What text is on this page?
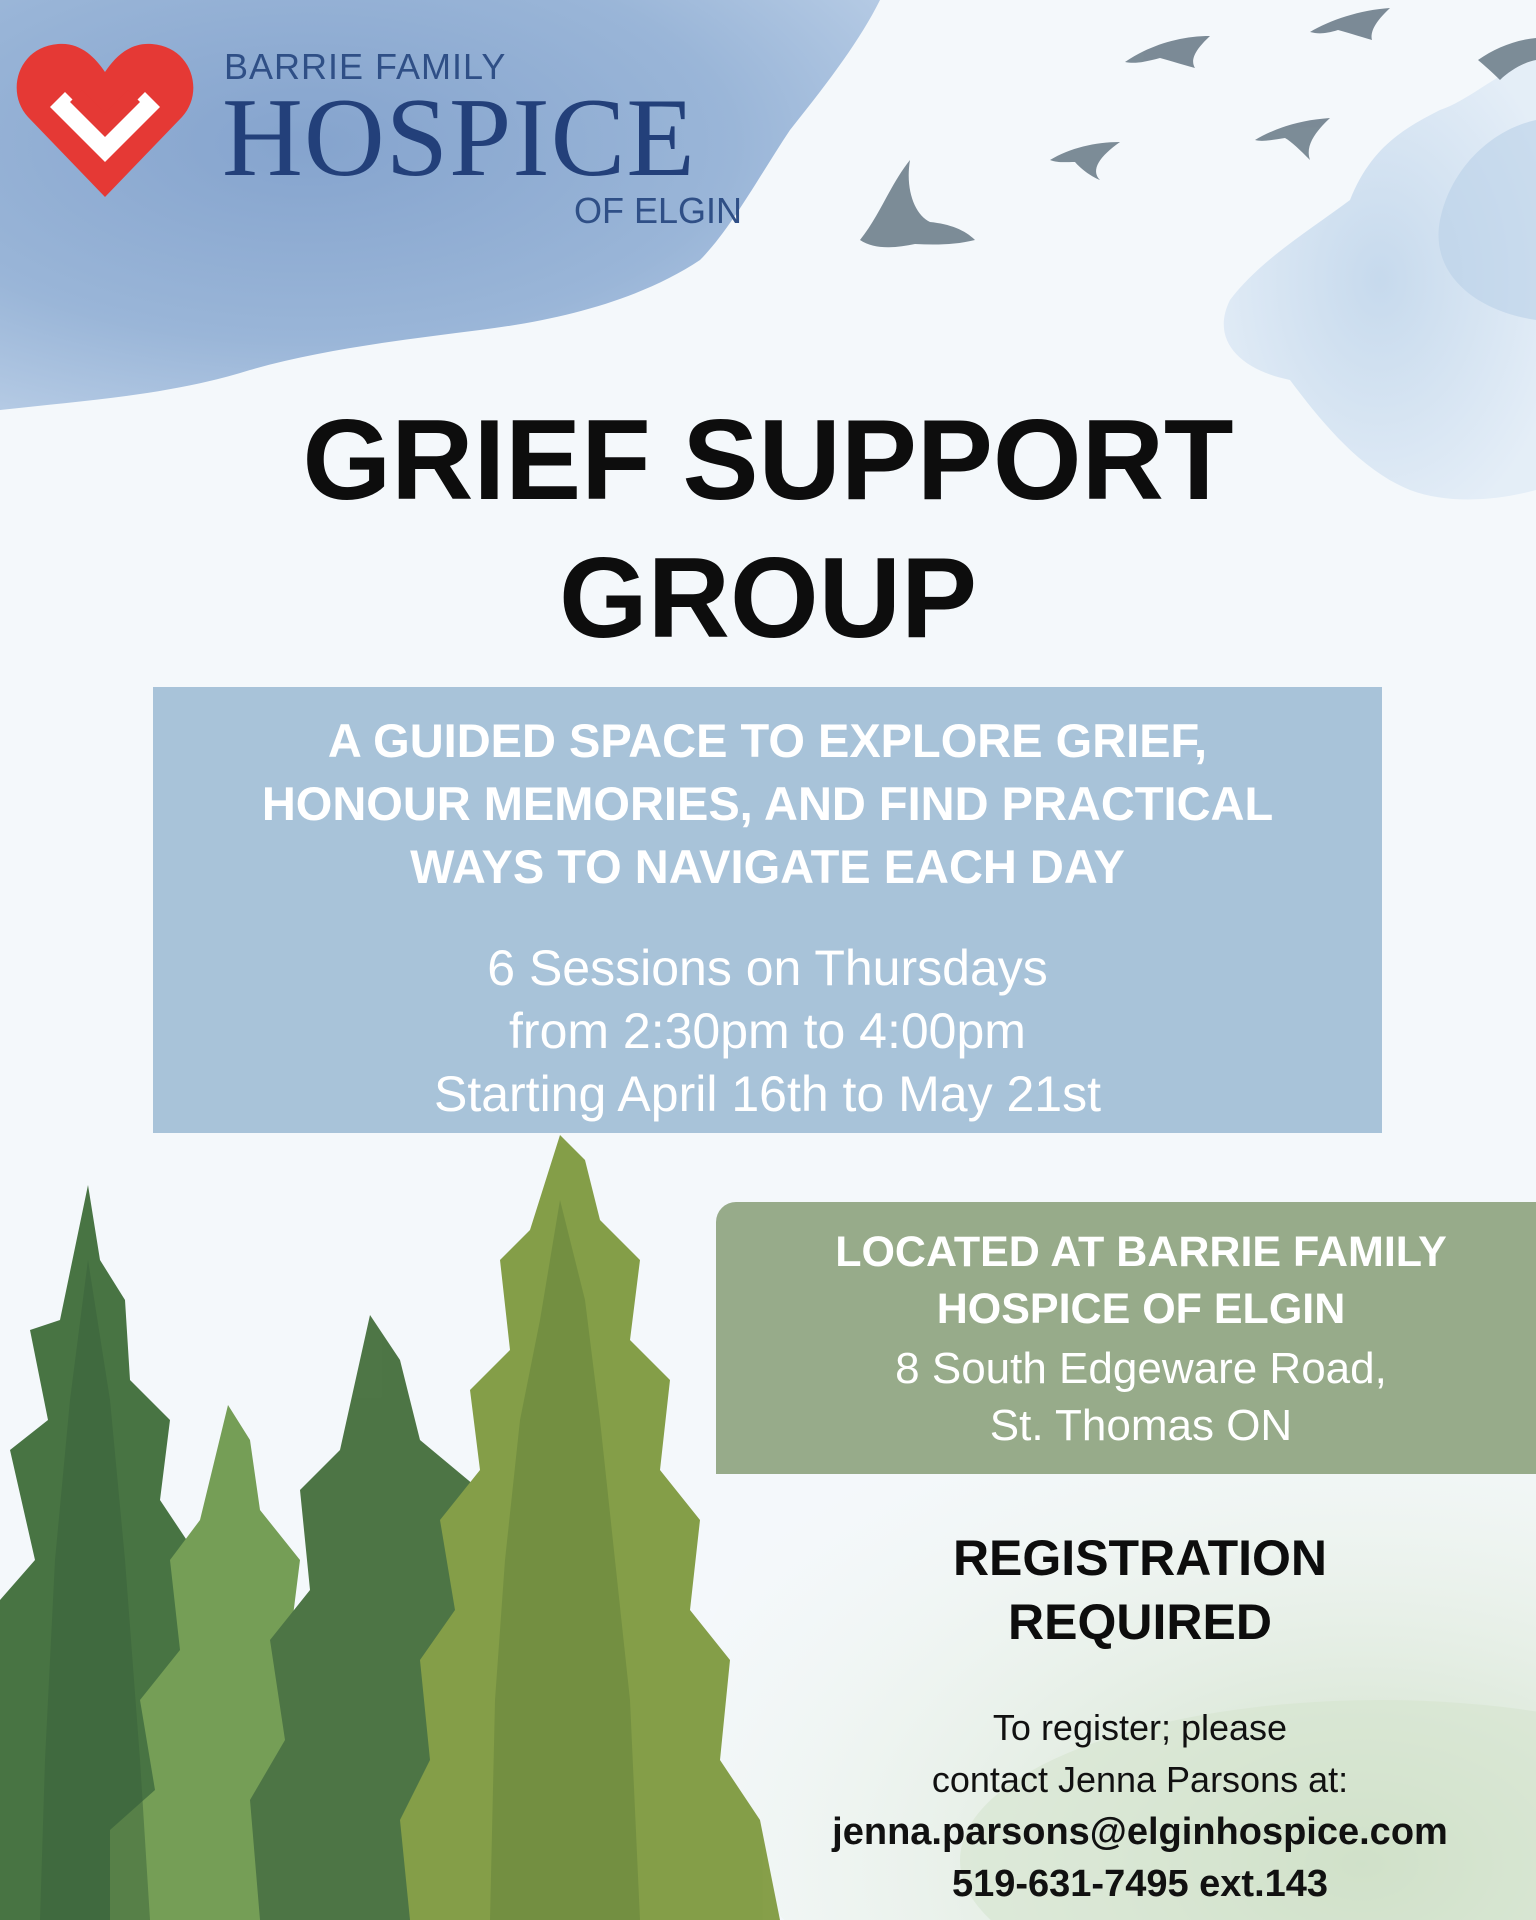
BARRIE FAMILY
HOSPICE
OF ELGIN
GRIEF SUPPORT
GROUP
A GUIDED SPACE TO EXPLORE GRIEF,
HONOUR MEMORIES, AND FIND PRACTICAL
WAYS TO NAVIGATE EACH DAY
6 Sessions on Thursdays
from 2:30pm to 4:00pm
Starting April 16th to May 21st
LOCATED AT BARRIE FAMILY
HOSPICE OF ELGIN
8 South Edgeware Road,
St. Thomas ON
REGISTRATION
REQUIRED
To register; please
contact Jenna Parsons at:
jenna.parsons@elginhospice.com
519-631-7495 ext.143
